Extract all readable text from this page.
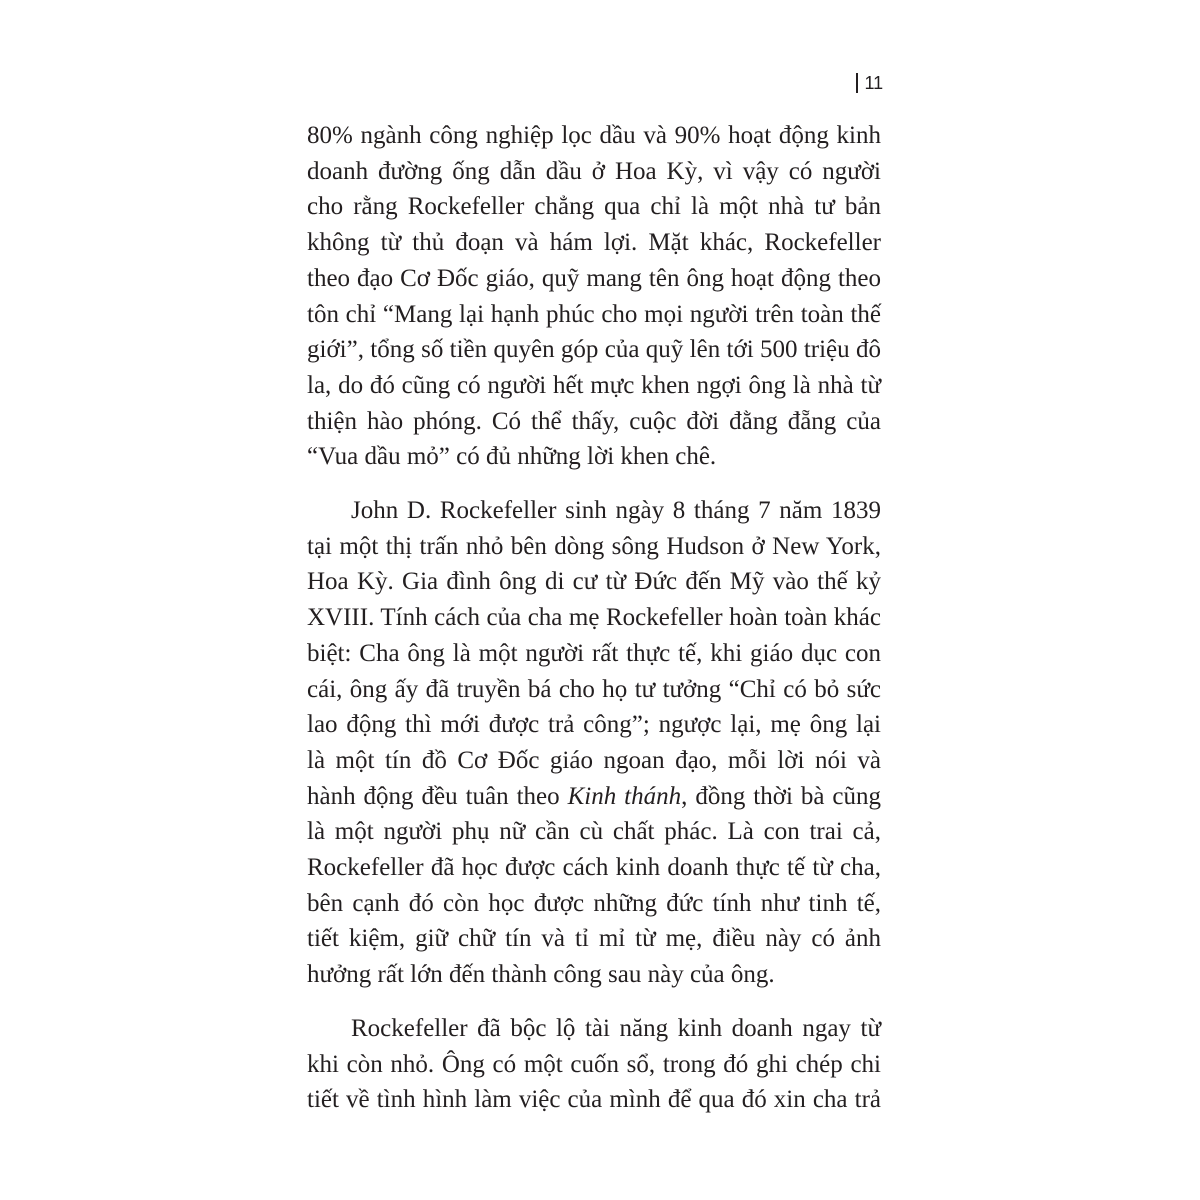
11

80% ngành công nghiệp lọc dầu và 90% hoạt động kinh
doanh đường ống dẫn dầu ở Hoa Kỳ, vì vậy có người
cho rằng Rockefeller chẳng qua chỉ là một nhà tư bản
không từ thủ đoạn và hám lợi. Mặt khác, Rockefeller
theo đạo Cơ Đốc giáo, quỹ mang tên ông hoạt động theo
tôn chỉ “Mang lại hạnh phúc cho mọi người trên toàn thế
giới”, tổng số tiền quyên góp của quỹ lên tới 500 triệu đô
la, do đó cũng có người hết mực khen ngợi ông là nhà từ
thiện hào phóng. Có thể thấy, cuộc đời đằng đẵng của
“Vua dầu mỏ” có đủ những lời khen chê.

John D. Rockefeller sinh ngày 8 tháng 7 năm 1839
tại một thị trấn nhỏ bên dòng sông Hudson ở New York,
Hoa Kỳ. Gia đình ông di cư từ Đức đến Mỹ vào thế kỷ
XVIII. Tính cách của cha mẹ Rockefeller hoàn toàn khác
biệt: Cha ông là một người rất thực tế, khi giáo dục con
cái, ông ấy đã truyền bá cho họ tư tưởng “Chỉ có bỏ sức
lao động thì mới được trả công”; ngược lại, mẹ ông lại
là một tín đồ Cơ Đốc giáo ngoan đạo, mỗi lời nói và
hành động đều tuân theo Kinh thánh, đồng thời bà cũng
là một người phụ nữ cần cù chất phác. Là con trai cả,
Rockefeller đã học được cách kinh doanh thực tế từ cha,
bên cạnh đó còn học được những đức tính như tinh tế,
tiết kiệm, giữ chữ tín và tỉ mỉ từ mẹ, điều này có ảnh
hưởng rất lớn đến thành công sau này của ông.

Rockefeller đã bộc lộ tài năng kinh doanh ngay từ
khi còn nhỏ. Ông có một cuốn sổ, trong đó ghi chép chi
tiết về tình hình làm việc của mình để qua đó xin cha trả
